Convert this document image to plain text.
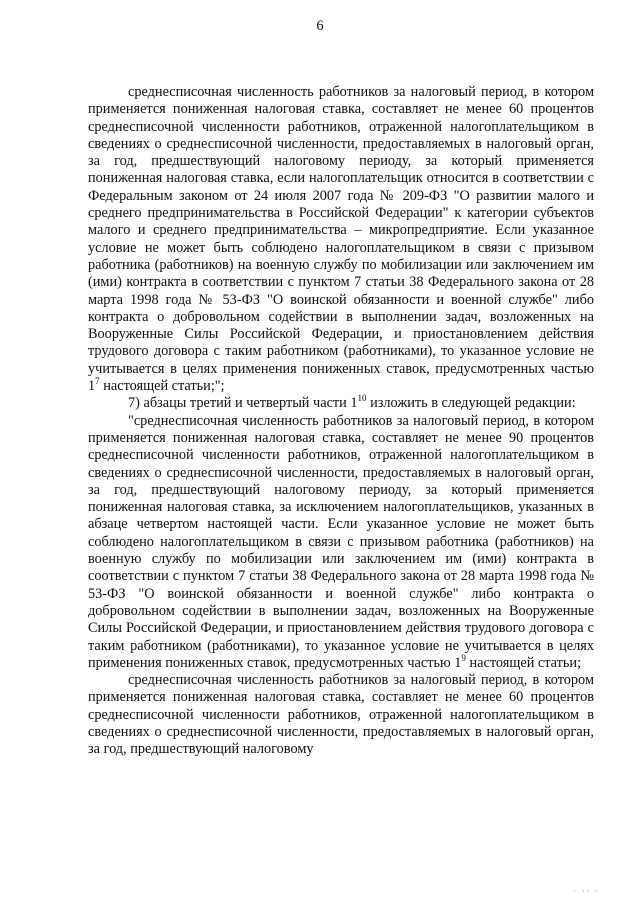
6

среднесписочная численность работников за налоговый период, в котором применяется пониженная налоговая ставка, составляет не менее 60 процентов среднесписочной численности работников, отраженной налогоплательщиком в сведениях о среднесписочной численности, предоставляемых в налоговый орган, за год, предшествующий налоговому периоду, за который применяется пониженная налоговая ставка, если налогоплательщик относится в соответствии с Федеральным законом от 24 июля 2007 года № 209-ФЗ "О развитии малого и среднего предпринимательства в Российской Федерации" к категории субъектов малого и среднего предпринимательства – микропредприятие. Если указанное условие не может быть соблюдено налогоплательщиком в связи с призывом работника (работников) на военную службу по мобилизации или заключением им (ими) контракта в соответствии с пунктом 7 статьи 38 Федерального закона от 28 марта 1998 года № 53-ФЗ "О воинской обязанности и военной службе" либо контракта о добровольном содействии в выполнении задач, возложенных на Вооруженные Силы Российской Федерации, и приостановлением действия трудового договора с таким работником (работниками), то указанное условие не учитывается в целях применения пониженных ставок, предусмотренных частью $1^7$ настоящей статьи;";

7) абзацы третий и четвертый части $1^{10}$ изложить в следующей редакции:

"среднесписочная численность работников за налоговый период, в котором применяется пониженная налоговая ставка, составляет не менее 90 процентов среднесписочной численности работников, отраженной налогоплательщиком в сведениях о среднесписочной численности, предоставляемых в налоговый орган, за год, предшествующий налоговому периоду, за который применяется пониженная налоговая ставка, за исключением налогоплательщиков, указанных в абзаце четвертом настоящей части. Если указанное условие не может быть соблюдено налогоплательщиком в связи с призывом работника (работников) на военную службу по мобилизации или заключением им (ими) контракта в соответствии с пунктом 7 статьи 38 Федерального закона от 28 марта 1998 года № 53-ФЗ "О воинской обязанности и военной службе" либо контракта о добровольном содействии в выполнении задач, возложенных на Вооруженные Силы Российской Федерации, и приостановлением действия трудового договора с таким работником (работниками), то указанное условие не учитывается в целях применения пониженных ставок, предусмотренных частью $1^9$ настоящей статьи;

среднесписочная численность работников за налоговый период, в котором применяется пониженная налоговая ставка, составляет не менее 60 процентов среднесписочной численности работников, отраженной налогоплательщиком в сведениях о среднесписочной численности, предоставляемых в налоговый орган, за год, предшествующий налоговому

· ·· ·
